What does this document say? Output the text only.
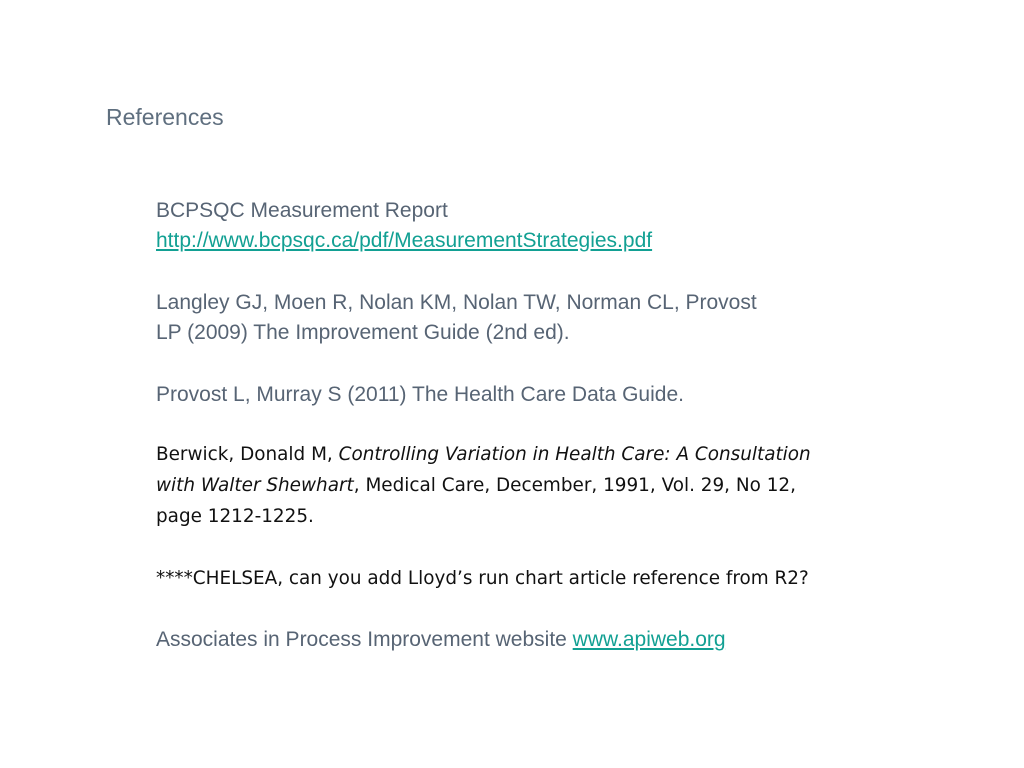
References
BCPSQC Measurement Report
http://www.bcpsqc.ca/pdf/MeasurementStrategies.pdf
Langley GJ, Moen R, Nolan KM, Nolan TW, Norman CL, Provost
LP (2009) The Improvement Guide (2nd ed).
Provost L, Murray S (2011) The Health Care Data Guide.
Berwick, Donald M, Controlling Variation in Health Care: A Consultation
with Walter Shewhart, Medical Care, December, 1991, Vol. 29, No 12,
page 1212-1225.
****CHELSEA, can you add Lloyd’s run chart article reference from R2?
Associates in Process Improvement website www.apiweb.org
